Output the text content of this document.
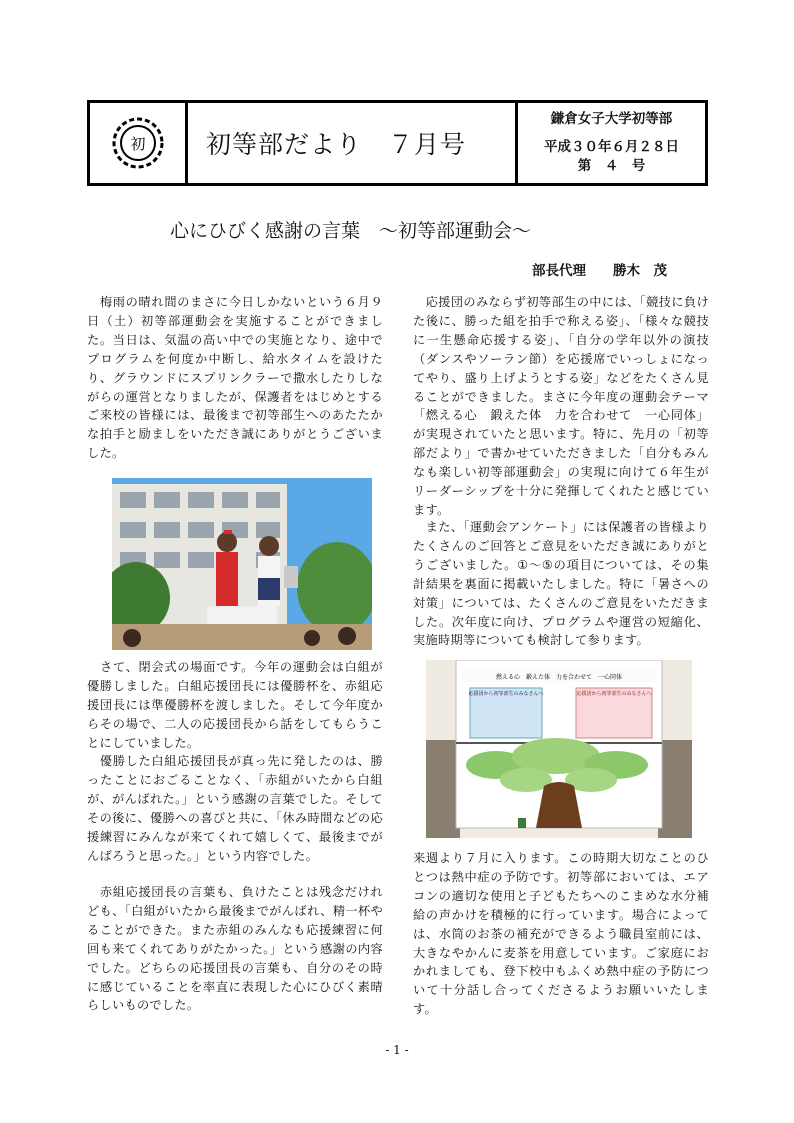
初 初等部だより　７月号
鎌倉女子大学初等部
平成３０年６月２８日
第　４　号
心にひびく感謝の言葉　～初等部運動会～
部長代理　　勝木　茂

　梅雨の晴れ間のまさに今日しかないという６月９日（土）初等部運動会を実施することができました。当日は、気温の高い中での実施となり、途中でプログラムを何度か中断し、給水タイムを設けたり、グラウンドにスプリンクラーで撒水したりしながらの運営となりましたが、保護者をはじめとするご来校の皆様には、最後まで初等部生へのあたたかな拍手と励ましをいただき誠にありがとうございました。

　さて、閉会式の場面です。今年の運動会は白組が優勝しました。白組応援団長には優勝杯を、赤組応援団長には準優勝杯を渡しました。そして今年度からその場で、二人の応援団長から話をしてもらうことにしていました。

　優勝した白組応援団長が真っ先に発したのは、勝ったことにおごることなく、「赤組がいたから白組が、がんばれた。」という感謝の言葉でした。そしてその後に、優勝への喜びと共に、「休み時間などの応援練習にみんなが来てくれて嬉しくて、最後までがんばろうと思った。」という内容でした。

　赤組応援団長の言葉も、負けたことは残念だけれども、「白組がいたから最後までがんばれ、精一杯やることができた。また赤組のみんなも応援練習に何回も来てくれてありがたかった。」という感謝の内容でした。どちらの応援団長の言葉も、自分のその時に感じていることを率直に表現した心にひびく素晴らしいものでした。

　応援団のみならず初等部生の中には、「競技に負けた後に、勝った組を拍手で称える姿」、「様々な競技に一生懸命応援する姿」、「自分の学年以外の演技（ダンスやソーラン節）を応援席でいっしょになってやり、盛り上げようとする姿」などをたくさん見ることができました。まさに今年度の運動会テーマ「燃える心　鍛えた体　力を合わせて　一心同体」が実現されていたと思います。特に、先月の「初等部だより」で書かせていただきました「自分もみんなも楽しい初等部運動会」の実現に向けて６年生がリーダーシップを十分に発揮してくれたと感じています。

　また、「運動会アンケート」には保護者の皆様よりたくさんのご回答とご意見をいただき誠にありがとうございました。①～⑤の項目については、その集計結果を裏面に掲載いたしました。特に「暑さへの対策」については、たくさんのご意見をいただきました。次年度に向け、プログラムや運営の短縮化、実施時期等についても検討して参ります。

燃える心　鍛えた体　力を合わせて　一心同体
応援団から初等部生のみなさんへ	応援団から初等部生のみなさんへ

来週より７月に入ります。この時期大切なことのひとつは熱中症の予防です。初等部においては、エアコンの適切な使用と子どもたちへのこまめな水分補給の声かけを積極的に行っています。場合によっては、水筒のお茶の補充ができるよう職員室前には、大きなやかんに麦茶を用意しています。ご家庭におかれましても、登下校中もふくめ熱中症の予防について十分話し合ってくださるようお願いいたします。

- 1 -
